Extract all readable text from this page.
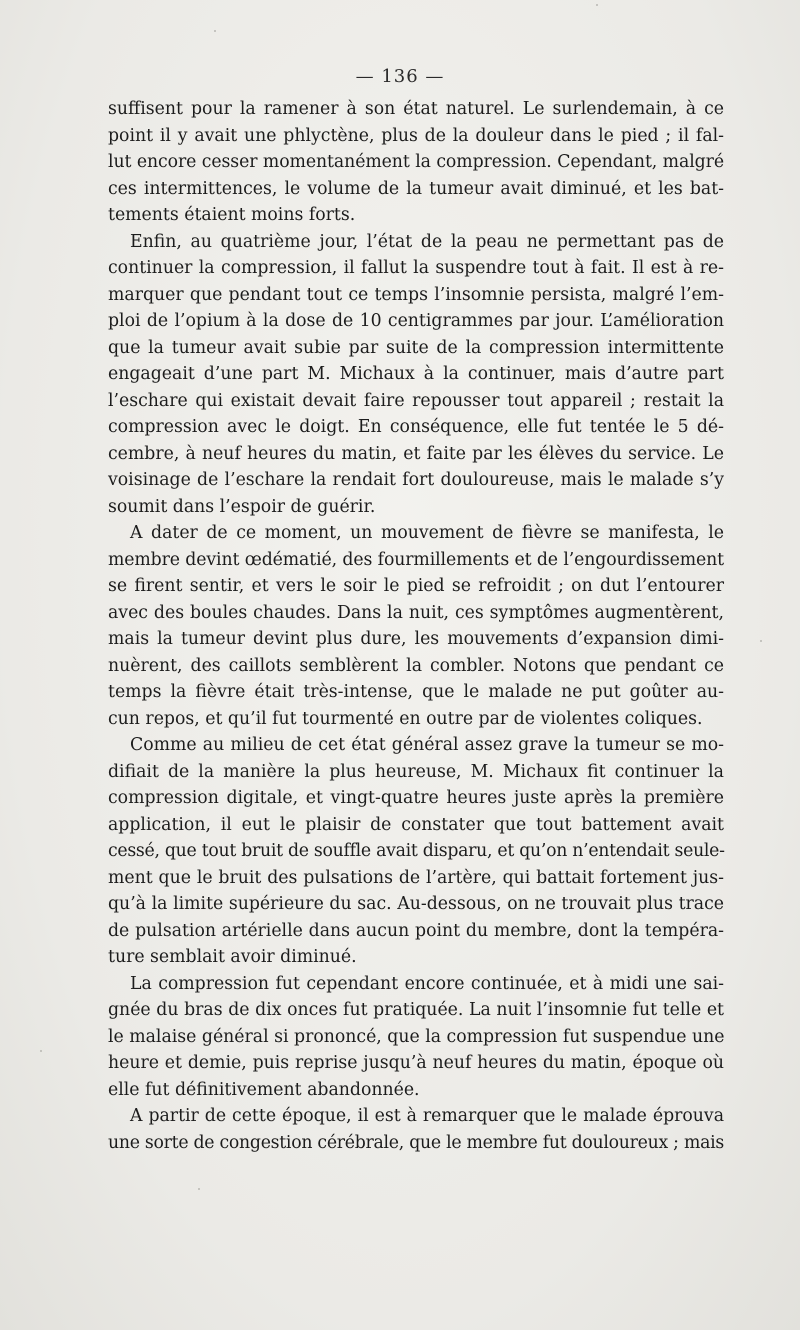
— 136 —

suffisent pour la ramener à son état naturel. Le surlendemain, à ce
point il y avait une phlyctène, plus de la douleur dans le pied ; il fal-
lut encore cesser momentanément la compression. Cependant, malgré
ces intermittences, le volume de la tumeur avait diminué, et les bat-
tements étaient moins forts.

Enfin, au quatrième jour, l’état de la peau ne permettant pas de
continuer la compression, il fallut la suspendre tout à fait. Il est à re-
marquer que pendant tout ce temps l’insomnie persista, malgré l’em-
ploi de l’opium à la dose de 10 centigrammes par jour. L’amélioration
que la tumeur avait subie par suite de la compression intermittente
engageait d’une part M. Michaux à la continuer, mais d’autre part
l’eschare qui existait devait faire repousser tout appareil ; restait la
compression avec le doigt. En conséquence, elle fut tentée le 5 dé-
cembre, à neuf heures du matin, et faite par les élèves du service. Le
voisinage de l’eschare la rendait fort douloureuse, mais le malade s’y
soumit dans l’espoir de guérir.

A dater de ce moment, un mouvement de fièvre se manifesta, le
membre devint œdématié, des fourmillements et de l’engourdissement
se firent sentir, et vers le soir le pied se refroidit ; on dut l’entourer
avec des boules chaudes. Dans la nuit, ces symptômes augmentèrent,
mais la tumeur devint plus dure, les mouvements d’expansion dimi-
nuèrent, des caillots semblèrent la combler. Notons que pendant ce
temps la fièvre était très-intense, que le malade ne put goûter au-
cun repos, et qu’il fut tourmenté en outre par de violentes coliques.

Comme au milieu de cet état général assez grave la tumeur se mo-
difiait de la manière la plus heureuse, M. Michaux fit continuer la
compression digitale, et vingt-quatre heures juste après la première
application, il eut le plaisir de constater que tout battement avait
cessé, que tout bruit de souffle avait disparu, et qu’on n’entendait seule-
ment que le bruit des pulsations de l’artère, qui battait fortement jus-
qu’à la limite supérieure du sac. Au-dessous, on ne trouvait plus trace
de pulsation artérielle dans aucun point du membre, dont la tempéra-
ture semblait avoir diminué.

La compression fut cependant encore continuée, et à midi une sai-
gnée du bras de dix onces fut pratiquée. La nuit l’insomnie fut telle et
le malaise général si prononcé, que la compression fut suspendue une
heure et demie, puis reprise jusqu’à neuf heures du matin, époque où
elle fut définitivement abandonnée.

A partir de cette époque, il est à remarquer que le malade éprouva
une sorte de congestion cérébrale, que le membre fut douloureux ; mais
